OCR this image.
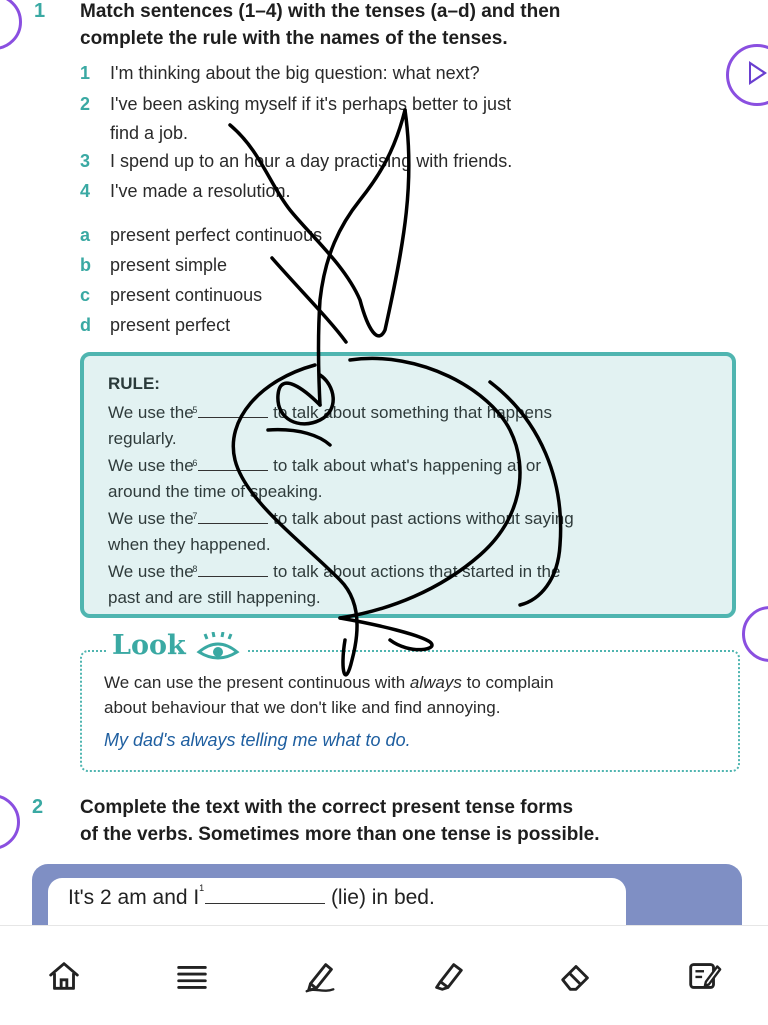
1 Match sentences (1–4) with the tenses (a–d) and then
complete the rule with the names of the tenses.
1 I'm thinking about the big question: what next?
2 I've been asking myself if it's perhaps better to just
find a job.
3 I spend up to an hour a day practising with friends.
4 I've made a resolution.
a present perfect continuous
b present simple
c present continuous
d present perfect
RULE:
We use the
5	to talk about something that happens
regularly.
We use the
6	to talk about what's happening at or
around the time of speaking.
We use the
7	to talk about past actions without saying
when they happened.
We use the
8	to talk about actions that started in the
past and are still happening.
Look
We can use the present continuous with always to complain
about behaviour that we don't like and find annoying.
My dad's always telling me what to do.
2 Complete the text with the correct present tense forms
of the verbs. Sometimes more than one tense is possible.
It's 2 am and I 1	(lie) in bed.
